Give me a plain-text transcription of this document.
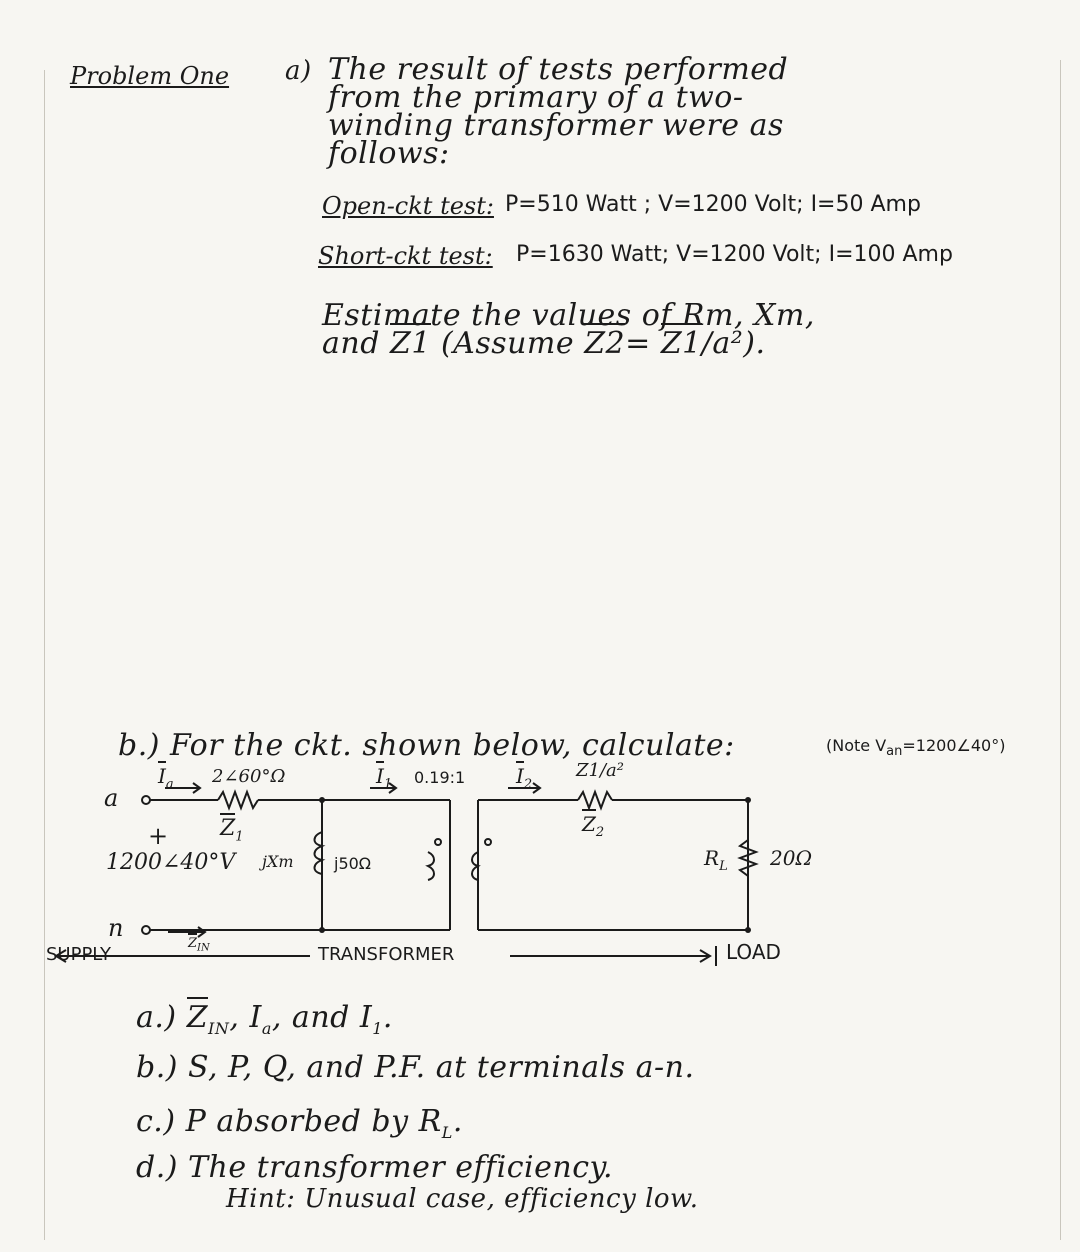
Problem One a) The result of tests performed
from the primary of a two-
winding transformer were as
follows:
Open-ckt test: P=510 Watt ; V=1200 Volt; I=50 Amp
Short-ckt test: P=1630 Watt; V=1200 Volt; I=100 Amp
Estimate the values of Rm, Xm,
and Z1 (Assume Z2= Z1/a²).
b.) For the ckt. shown below, calculate:	(Note $V_{an}=1200\angle 40^\circ$)
$I_a$ 2∠60°Ω	$I_1$ 0.19:1	$I_2$
Z1/a²
a
+ $Z_1$
1200∠40°V jXm	j50Ω
$Z_2$
$R_L$ 20Ω
n
$Z_{IN}$
SUPPLY	TRANSFORMER	LOAD
a.) $Z_{IN}$, $I_a$, and $I_1$.
b.) S, P, Q, and P.F. at terminals a-n.
c.) P absorbed by $R_L$.
d.) The transformer efficiency.
Hint: Unusual case, efficiency low.
